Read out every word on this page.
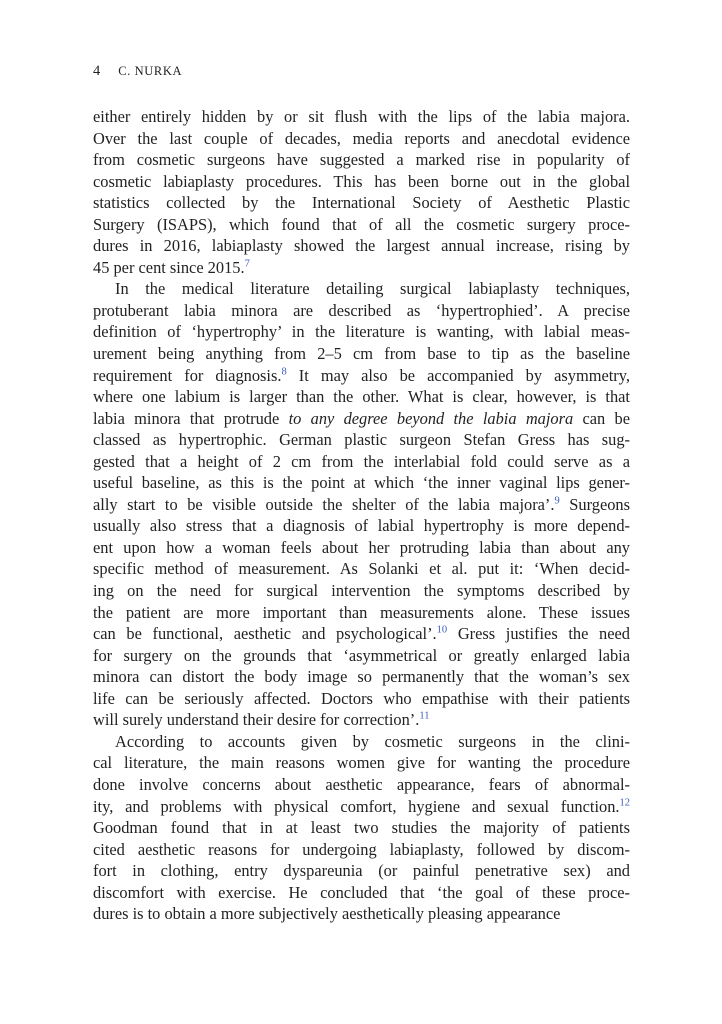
4 C. NURKA
either entirely hidden by or sit flush with the lips of the labia majora.
Over the last couple of decades, media reports and anecdotal evidence
from cosmetic surgeons have suggested a marked rise in popularity of
cosmetic labiaplasty procedures. This has been borne out in the global
statistics collected by the International Society of Aesthetic Plastic
Surgery (ISAPS), which found that of all the cosmetic surgery proce-
dures in 2016, labiaplasty showed the largest annual increase, rising by
45 per cent since 2015.$^7$
In the medical literature detailing surgical labiaplasty techniques,
protuberant labia minora are described as ‘hypertrophied’. A precise
definition of ‘hypertrophy’ in the literature is wanting, with labial meas-
urement being anything from 2–5 cm from base to tip as the baseline
requirement for diagnosis.$^8$ It may also be accompanied by asymmetry,
where one labium is larger than the other. What is clear, however, is that
labia minora that protrude to any degree beyond the labia majora can be
classed as hypertrophic. German plastic surgeon Stefan Gress has sug-
gested that a height of 2 cm from the interlabial fold could serve as a
useful baseline, as this is the point at which ‘the inner vaginal lips gener-
ally start to be visible outside the shelter of the labia majora’.$^9$ Surgeons
usually also stress that a diagnosis of labial hypertrophy is more depend-
ent upon how a woman feels about her protruding labia than about any
specific method of measurement. As Solanki et al. put it: ‘When decid-
ing on the need for surgical intervention the symptoms described by
the patient are more important than measurements alone. These issues
can be functional, aesthetic and psychological’.$^{10}$ Gress justifies the need
for surgery on the grounds that ‘asymmetrical or greatly enlarged labia
minora can distort the body image so permanently that the woman’s sex
life can be seriously affected. Doctors who empathise with their patients
will surely understand their desire for correction’.$^{11}$
According to accounts given by cosmetic surgeons in the clini-
cal literature, the main reasons women give for wanting the procedure
done involve concerns about aesthetic appearance, fears of abnormal-
ity, and problems with physical comfort, hygiene and sexual function.$^{12}$
Goodman found that in at least two studies the majority of patients
cited aesthetic reasons for undergoing labiaplasty, followed by discom-
fort in clothing, entry dyspareunia (or painful penetrative sex) and
discomfort with exercise. He concluded that ‘the goal of these proce-
dures is to obtain a more subjectively aesthetically pleasing appearance
